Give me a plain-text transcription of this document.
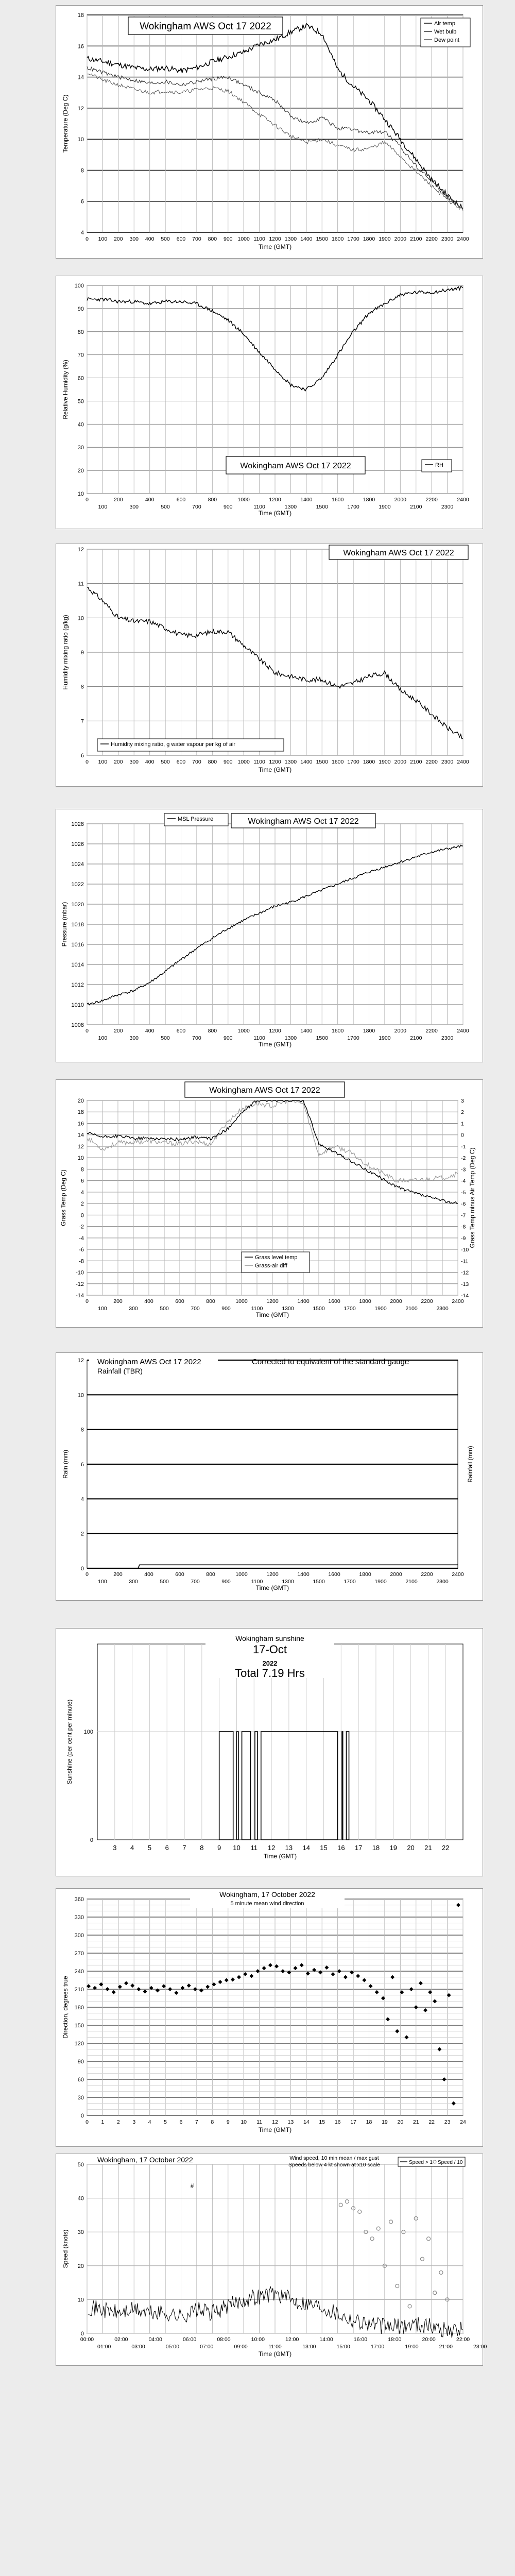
4
6
8
10
12
14
16
18
0 100 200 300 400 500 600 700 800 900 1000 1100 1200 1300 1400 1500 1600 1700 1800 1900 2000 2100 2200 2300 2400
Temperature (Deg C)
Time (GMT)
Wokingham AWS Oct 17 2022	Air temp
Wet bulb
Dew point
10
20
30
40
50
60
70
80
90
100
0	200	400	600	800	1000	1200	1400	1600	1800	2000	2200	2400
100	300	500	700	900	1100	1300	1500	1700	1900	2100	2300
Relative Humidity (%)
Time (GMT)
Wokingham AWS Oct 17 2022	RH
6
7
8
9
10
11
12
0 100 200 300 400 500 600 700 800 900 1000 1100 1200 1300 1400 1500 1600 1700 1800 1900 2000 2100 2200 2300 2400
Humidity mixing ratio (g/kg)
Time (GMT)
Wokingham AWS Oct 17 2022
Humidity mixing ratio, g water vapour per kg of air
1008
1010
1012
1014
1016
1018
1020
1022
1024
1026
1028
0	200	400	600	800	1000	1200	1400	1600	1800	2000	2200	2400
100	300	500	700	900	1100	1300	1500	1700	1900	2100	2300
Pressure (mbar)
Time (GMT)
MSL Pressure	Wokingham AWS Oct 17 2022
-14
-12
-10
-8
-6
-4
-2
0
2
4
6
8
10
12
14
16
18
20
-14
-13
-12
-11
-10
-9
-8
-7
-6
-5
-4
-3
-2
-1
0
1
2
3
0	200	400	600	800	1000	1200	1400	1600	1800	2000	2200	2400
100	300	500	700	900	1100	1300	1500	1700	1900	2100	2300
Grass Temp (Deg C)	Grass Temp minus Air Temp (Deg C)
Time (GMT)
Wokingham AWS Oct 17 2022
Grass level temp
Grass-air diff
0
2
4
6
8
10
12
0	200	400	600	800	1000	1200	1400	1600	1800	2000	2200	2400
100	300	500	700	900	1100	1300	1500	1700	1900	2100	2300
Rain (mm)	Rainfall (mm)
Time (GMT)
Wokingham AWS Oct 17 2022
Rainfall (TBR)
Corrected to equivalent of the standard gauge
0
100
3 4 5 6 7 8 9 10 11 12 13 14 15 16 17 18 19 20 21 22
Sunshine (per cent per minute)
Time (GMT)
Wokingham sunshine
17-Oct
2022
Total 7.19 Hrs
0
30
60
90
120
150
180
210
240
270
300
330
360
0 1 2 3 4 5 6 7 8 9 10 11 12 13 14 15 16 17 18 19 20 21 22 23 24
Direction, degrees true
Time (GMT)
Wokingham, 17 October 2022
5 minute mean wind direction
0
10
20
30
40
50
00:00	02:00	04:00	06:00	08:00	10:00	12:00	14:00	16:00	18:00	20:00	22:00
01:00	03:00	05:00	07:00	09:00	11:00	13:00	15:00	17:00	19:00	21:00	23:00
Speed (knots)
Time (GMT)
#
Wokingham, 17 October 2022	Wind speed, 10 min mean / max gust
Speeds below 4 kt shown at x10 scale	Speed > 1 Speed / 10
